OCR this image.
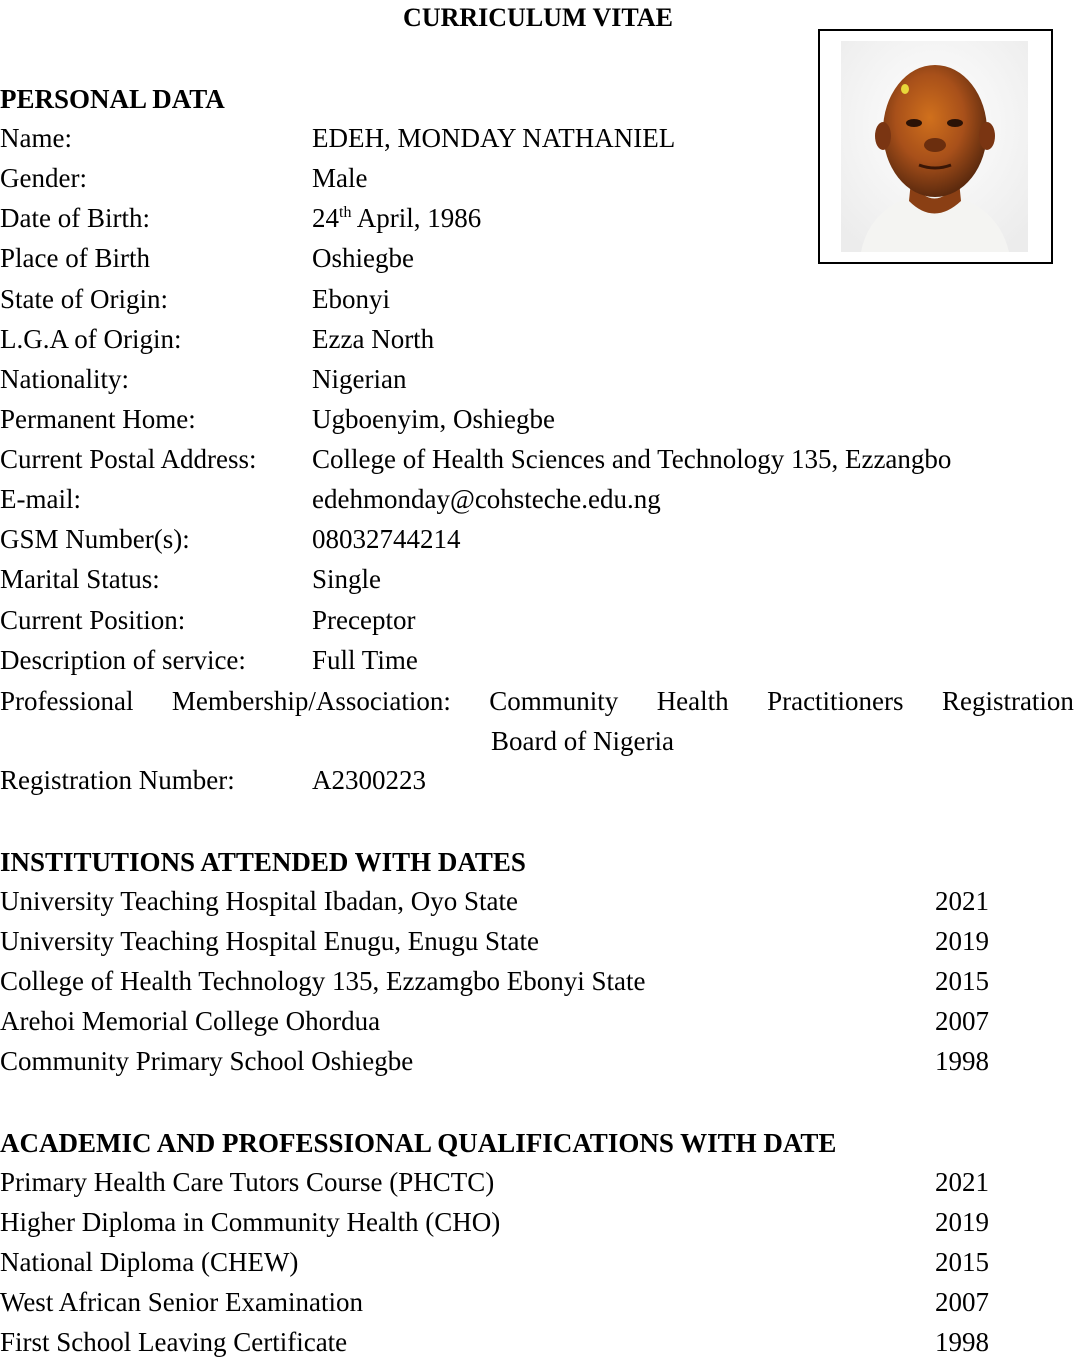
CURRICULUM VITAE
PERSONAL DATA
Name:	EDEH, MONDAY NATHANIEL
Gender:	Male
Date of Birth:	24th April, 1986
Place of Birth	Oshiegbe
State of Origin:	Ebonyi
L.G.A of Origin:	Ezza North
Nationality:	Nigerian
Permanent Home:	Ugboenyim, Oshiegbe
Current Postal Address: College of Health Sciences and Technology 135, Ezzangbo
E-mail:	edehmonday@cohsteche.edu.ng
GSM Number(s):	08032744214
Marital Status:	Single
Current Position:	Preceptor
Description of service: Full Time
Professional Membership/Association: Community Health Practitioners Registration
Board of Nigeria
Registration Number:	A2300223
INSTITUTIONS ATTENDED WITH DATES
University Teaching Hospital Ibadan, Oyo State	2021
University Teaching Hospital Enugu, Enugu State	2019
College of Health Technology 135, Ezzamgbo Ebonyi State	2015
Arehoi Memorial College Ohordua	2007
Community Primary School Oshiegbe	1998
ACADEMIC AND PROFESSIONAL QUALIFICATIONS WITH DATE
Primary Health Care Tutors Course (PHCTC)	2021
Higher Diploma in Community Health (CHO)	2019
National Diploma (CHEW)	2015
West African Senior Examination	2007
First School Leaving Certificate	1998
